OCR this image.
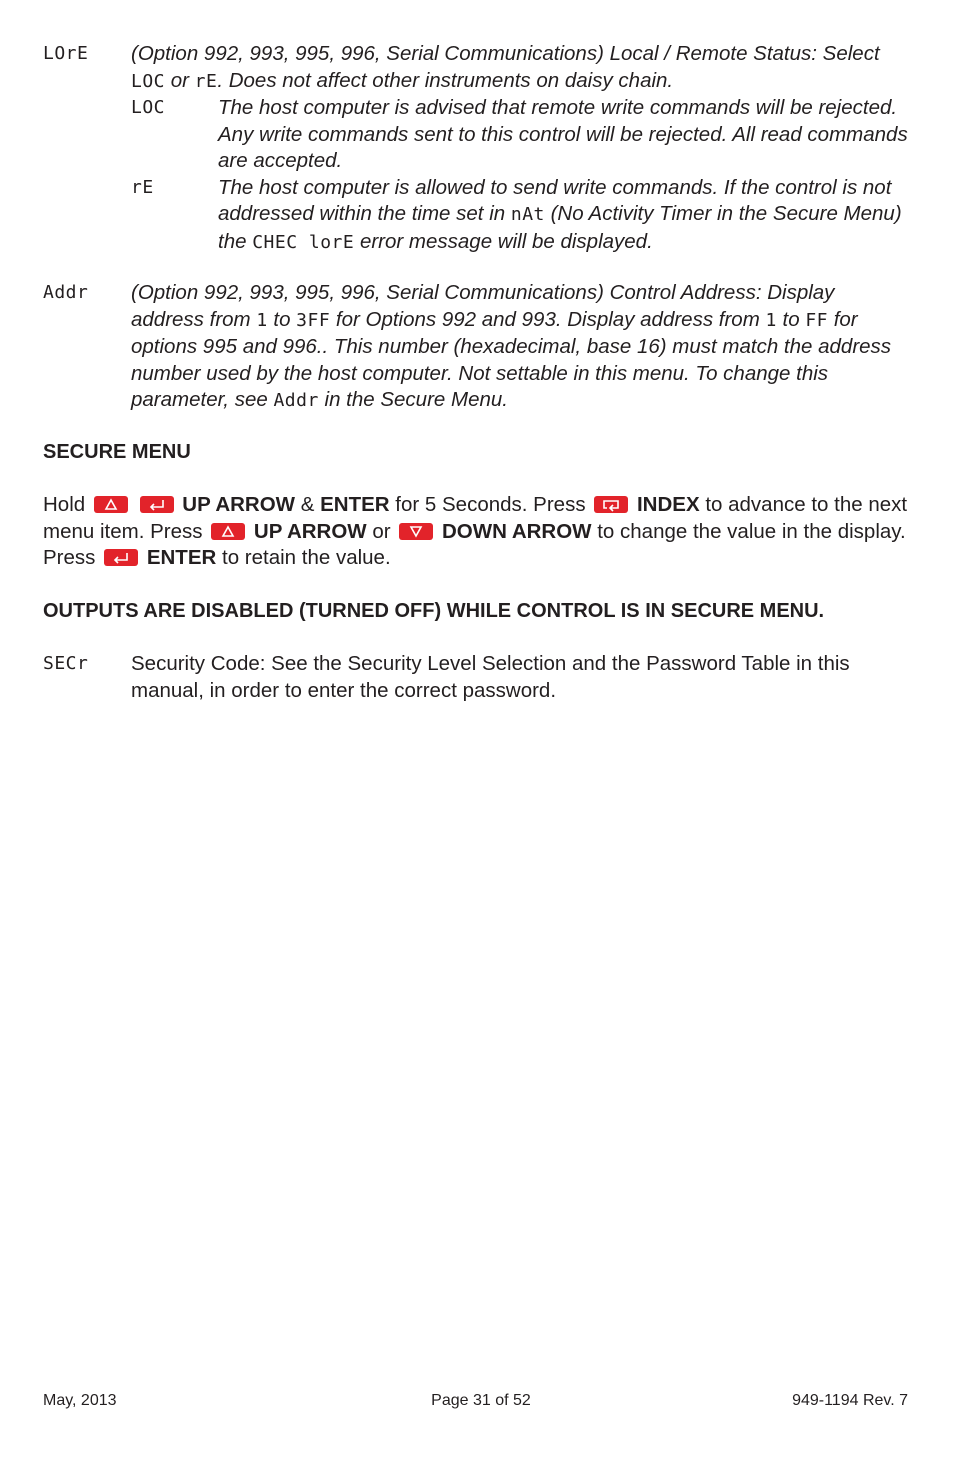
LOrE (Option 992, 993, 995, 996, Serial Communications) Local / Remote Status: Select LOC or rE. Does not affect other instruments on daisy chain.
LOC	The host computer is advised that remote write commands will be rejected. Any write commands sent to this control will be rejected. All read commands are accepted.
rE	The host computer is allowed to send write commands. If the control is not addressed within the time set in nAt (No Activity Timer in the Secure Menu) the CHEC lorE error message will be displayed.
Addr (Option 992, 993, 995, 996, Serial Communications) Control Address: Display address from 1 to 3FF for Options 992 and 993. Display address from 1 to FF for options 995 and 996.. This number (hexadecimal, base 16) must match the address number used by the host computer. Not settable in this menu. To change this parameter, see Addr in the Secure Menu.
SECURE MENU
Hold
	UP ARROW & ENTER for 5 Seconds. Press
INDEX to advance to the next menu item. Press
UP ARROW or
DOWN ARROW to change the value in the display. Press
ENTER to retain the value.
OUTPUTS ARE DISABLED (TURNED OFF) WHILE CONTROL IS IN SECURE MENU.
SECr Security Code: See the Security Level Selection and the Password Table in this manual, in order to enter the correct password.
May, 2013	Page 31 of 52	949-1194 Rev. 7
